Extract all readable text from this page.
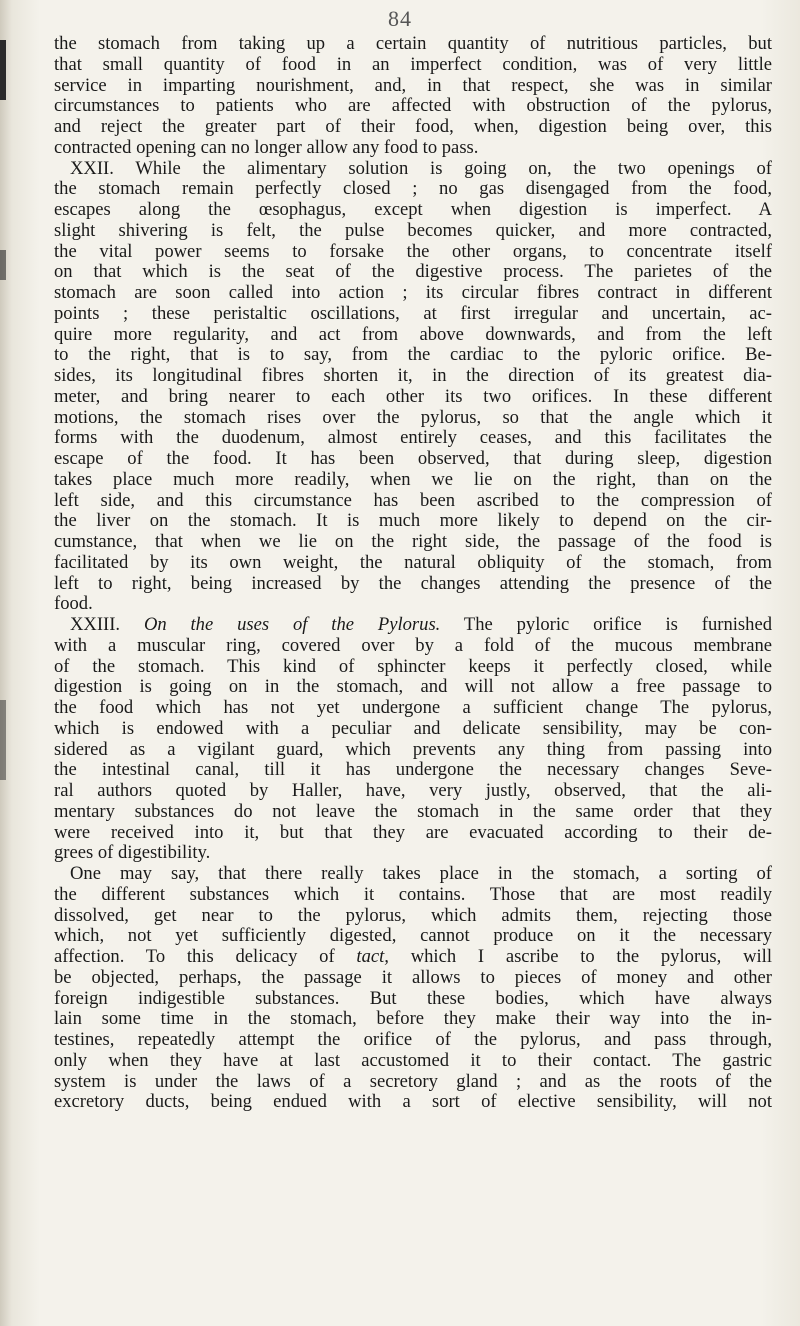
84
the stomach from taking up a certain quantity of nutritious particles, but
that small quantity of food in an imperfect condition, was of very little
service in imparting nourishment, and, in that respect, she was in similar
circumstances to patients who are affected with obstruction of the pylorus,
and reject the greater part of their food, when, digestion being over, this
contracted opening can no longer allow any food to pass.
XXII. While the alimentary solution is going on, the two openings of
the stomach remain perfectly closed ; no gas disengaged from the food,
escapes along the œsophagus, except when digestion is imperfect. A
slight shivering is felt, the pulse becomes quicker, and more contracted,
the vital power seems to forsake the other organs, to concentrate itself
on that which is the seat of the digestive process. The parietes of the
stomach are soon called into action ; its circular fibres contract in different
points ; these peristaltic oscillations, at first irregular and uncertain, ac-
quire more regularity, and act from above downwards, and from the left
to the right, that is to say, from the cardiac to the pyloric orifice. Be-
sides, its longitudinal fibres shorten it, in the direction of its greatest dia-
meter, and bring nearer to each other its two orifices. In these different
motions, the stomach rises over the pylorus, so that the angle which it
forms with the duodenum, almost entirely ceases, and this facilitates the
escape of the food. It has been observed, that during sleep, digestion
takes place much more readily, when we lie on the right, than on the
left side, and this circumstance has been ascribed to the compression of
the liver on the stomach. It is much more likely to depend on the cir-
cumstance, that when we lie on the right side, the passage of the food is
facilitated by its own weight, the natural obliquity of the stomach, from
left to right, being increased by the changes attending the presence of the
food.
XXIII. On the uses of the Pylorus. The pyloric orifice is furnished
with a muscular ring, covered over by a fold of the mucous membrane
of the stomach. This kind of sphincter keeps it perfectly closed, while
digestion is going on in the stomach, and will not allow a free passage to
the food which has not yet undergone a sufficient change The pylorus,
which is endowed with a peculiar and delicate sensibility, may be con-
sidered as a vigilant guard, which prevents any thing from passing into
the intestinal canal, till it has undergone the necessary changes Seve-
ral authors quoted by Haller, have, very justly, observed, that the ali-
mentary substances do not leave the stomach in the same order that they
were received into it, but that they are evacuated according to their de-
grees of digestibility.
One may say, that there really takes place in the stomach, a sorting of
the different substances which it contains. Those that are most readily
dissolved, get near to the pylorus, which admits them, rejecting those
which, not yet sufficiently digested, cannot produce on it the necessary
affection. To this delicacy of tact, which I ascribe to the pylorus, will
be objected, perhaps, the passage it allows to pieces of money and other
foreign indigestible substances. But these bodies, which have always
lain some time in the stomach, before they make their way into the in-
testines, repeatedly attempt the orifice of the pylorus, and pass through,
only when they have at last accustomed it to their contact. The gastric
system is under the laws of a secretory gland ; and as the roots of the
excretory ducts, being endued with a sort of elective sensibility, will not
